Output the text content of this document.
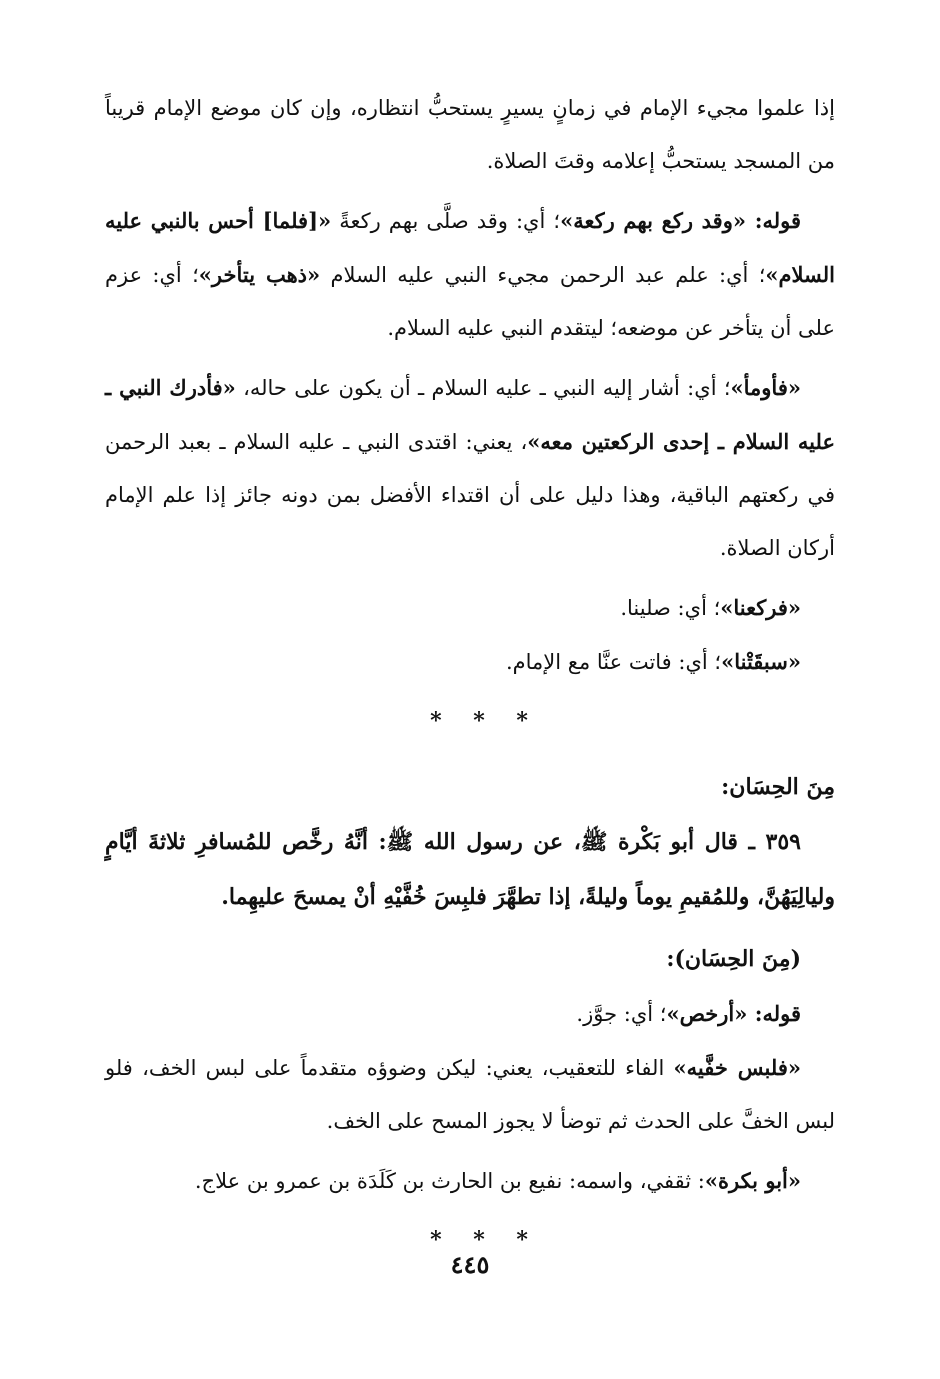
إذا علموا مجيء الإمام في زمانٍ يسيرٍ يستحبُّ انتظاره، وإن كان موضع الإمام قريباً من المسجد يستحبُّ إعلامه وقتَ الصلاة.

قوله: «وقد ركع بهم ركعة»؛ أي: وقد صلَّى بهم ركعةً «[فلما] أحس بالنبي عليه السلام»؛ أي: علم عبد الرحمن مجيء النبي عليه السلام «ذهب يتأخر»؛ أي: عزم على أن يتأخر عن موضعه؛ ليتقدم النبي عليه السلام.

«فأومأ»؛ أي: أشار إليه النبي ـ عليه السلام ـ أن يكون على حاله، «فأدرك النبي ـ عليه السلام ـ إحدى الركعتين معه»، يعني: اقتدى النبي ـ عليه السلام ـ بعبد الرحمن في ركعتهم الباقية، وهذا دليل على أن اقتداء الأفضل بمن دونه جائز إذا علم الإمام أركان الصلاة.

«فركعنا»؛ أي: صلينا.

«سبقَتْنا»؛ أي: فاتت عنَّا مع الإمام.

* * *
مِنَ الحِسَان:

٣٥٩ ـ قال أبو بَكْرة ﷺ، عن رسول الله ﷺ: أنَّهُ رخَّص للمُسافرِ ثلاثةَ أيَّامٍ وليالِيَهُنَّ، وللمُقيمِ يوماً وليلةً، إذا تطهَّرَ فلبِسَ خُفَّيْهِ أنْ يمسحَ عليهِما.

(مِنَ الحِسَان):

قوله: «أرخص»؛ أي: جوَّز.

«فلبس خفَّيه» الفاء للتعقيب، يعني: ليكن وضوؤه متقدماً على لبس الخف، فلو لبس الخفَّ على الحدث ثم توضأ لا يجوز المسح على الخف.

«أبو بكرة»: ثقفي، واسمه: نفيع بن الحارث بن كَلَدَة بن عمرو بن علاج.

* * *
٤٤٥
